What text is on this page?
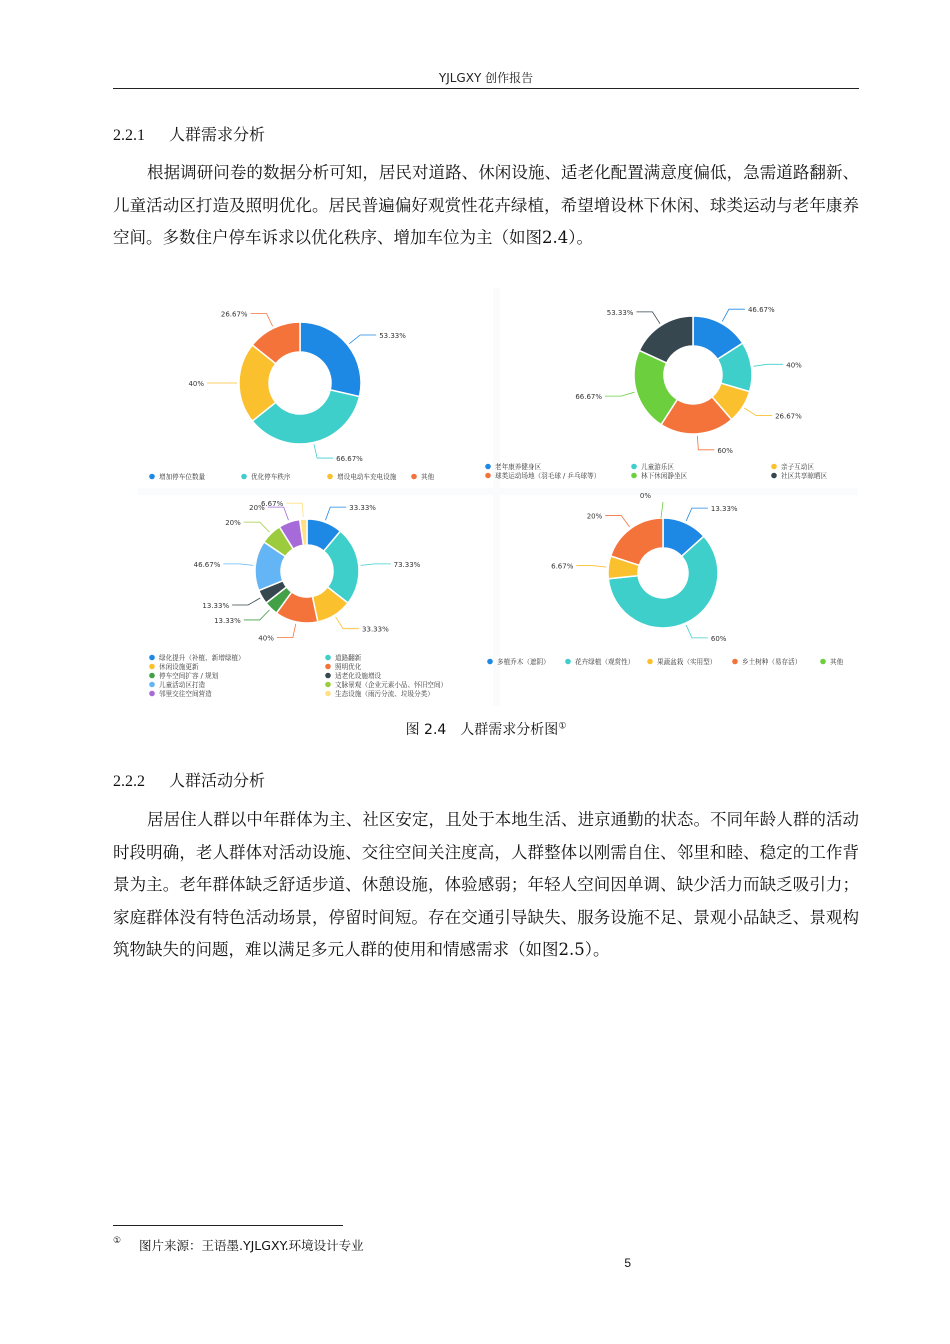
YJLGXY 创作报告
2.2.1 人群需求分析
根据调研问卷的数据分析可知，居民对道路、休闲设施、适老化配置满意度偏低，急需道路翻新、儿童活动区打造及照明优化。居民普遍偏好观赏性花卉绿植，希望增设林下休闲、球类运动与老年康养空间。多数住户停车诉求以优化秩序、增加车位为主（如图2.4）。
53.33%
66.67%
40%
26.67%
增加停车位数量	优化停车秩序	增设电动车充电设施	其他
46.67%
40%
26.67%
60%
66.67%
53.33%
老年康养健身区	儿童游乐区	亲子互动区
球类运动场地（羽毛球 / 乒乓球等）	林下休闲静坐区	社区共享晾晒区
33.33%
73.33%
33.33%
40%
13.33%
13.33%
46.67%
20%
20%
6.67%
绿化提升（补植、新增绿植）	道路翻新
休闲设施更新	照明优化
停车空间扩容 / 规划	适老化设施增设
儿童活动区打造	文脉景观（企业元素小品、怀旧空间）
邻里交往空间营造	生态设施（雨污分流、垃圾分类）
13.33%
60%
6.67%
20%
0%
多植乔木（遮阴）	花卉绿植（观赏性）	果蔬盆栽（实用型）	乡土树种（易存活）	其他
图 2.4　人群需求分析图①
2.2.2 人群活动分析
居居住人群以中年群体为主、社区安定，且处于本地生活、进京通勤的状态。不同年龄人群的活动时段明确，老人群体对活动设施、交往空间关注度高，人群整体以刚需自住、邻里和睦、稳定的工作背景为主。老年群体缺乏舒适步道、休憩设施，体验感弱；年轻人空间因单调、缺少活力而缺乏吸引力；家庭群体没有特色活动场景，停留时间短。存在交通引导缺失、服务设施不足、景观小品缺乏、景观构筑物缺失的问题，难以满足多元人群的使用和情感需求（如图2.5）。
① 图片来源：王语墨.YJLGXY.环境设计专业
5
